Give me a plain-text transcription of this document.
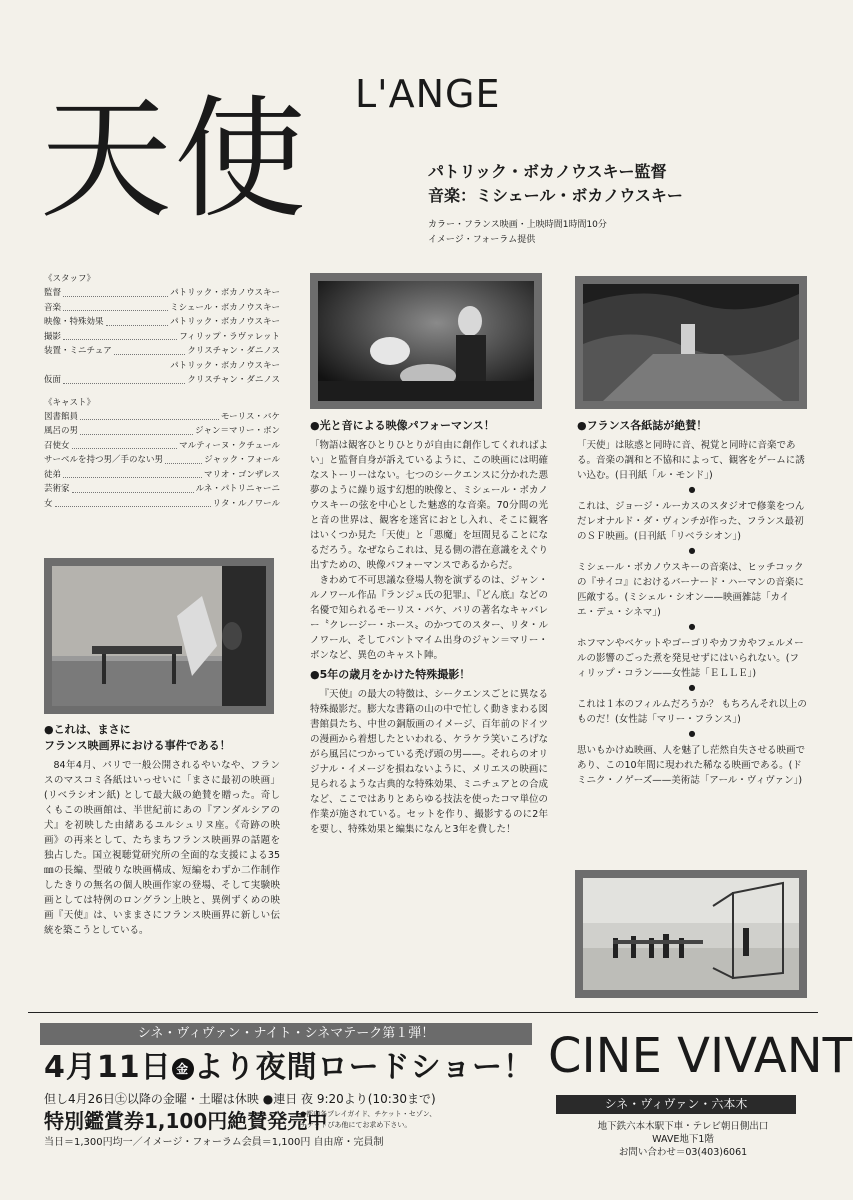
L'ANGE
天使	パトリック・ボカノウスキー監督
音楽：ミシェール・ボカノウスキー
カラー・フランス映画・上映時間1時間10分
イメージ・フォーラム提供
《スタッフ》
監督	パトリック・ボカノウスキー
音楽	ミシェール・ボカノウスキー
映像・特殊効果	パトリック・ボカノウスキー
撮影	フィリップ・ラヴァレット
装置・ミニチュア	クリスチャン・ダニノス
パトリック・ボカノウスキー
仮面	クリスチャン・ダニノス
《キャスト》
図書館員	モーリス・バケ
風呂の男	ジャン＝マリー・ボン
召使女	マルティーヌ・クチュール
サーベルを持つ男／手のない男	ジャック・フォール
徒弟	マリオ・ゴンザレス
芸術家	ルネ・パトリニャーニ
女	リタ・ルノワール
●これは、まさに
フランス映画界における事件である！

84年4月、パリで一般公開されるやいなや、フランスのマスコミ各紙はいっせいに「まさに最初の映画」(リベラシオン紙) として最大級の絶賛を贈った。奇しくもこの映画館は、半世紀前にあの『アンダルシアの犬』を初映した由緒あるユルシュリヌ座。《奇跡の映画》の再来として、たちまちフランス映画界の話題を独占した。国立視聴覚研究所の全面的な支援による35㎜の長編、型破りな映画構成、短編をわずか二作制作したきりの無名の個人映画作家の登場、そして実験映画としては特例のロングラン上映と、異例ずくめの映画『天使』は、いままさにフランス映画界に新しい伝統を築こうとしている。

●光と音による映像パフォーマンス！

「物語は観客ひとりひとりが自由に創作してくれればよい」と監督自身が訴えているように、この映画には明確なストーリーはない。七つのシークエンスに分かれた悪夢のように繰り返す幻想的映像と、ミシェール・ボカノウスキーの弦を中心とした魅惑的な音楽。70分間の光と音の世界は、観客を迷宮におとし入れ、そこに観客はいくつか見た「天使」と「悪魔」を垣間見ることになるだろう。なぜならこれは、見る側の潜在意識をえぐり出すための、映像パフォーマンスであるからだ。

きわめて不可思議な登場人物を演ずるのは、ジャン・ルノワール作品『ランジュ氏の犯罪』、『どん底』などの名優で知られるモーリス・バケ、パリの著名なキャバレー〝クレージー・ホース〟のかつてのスター、リタ・ルノワール、そしてパントマイム出身のジャン＝マリー・ボンなど、異色のキャスト陣。

●5年の歳月をかけた特殊撮影！

『天使』の最大の特徴は、シークエンスごとに異なる特殊撮影だ。膨大な書籍の山の中で忙しく動きまわる図書館員たち、中世の銅版画のイメージ、百年前のドイツの漫画から着想したといわれる、ケラケラ笑いころげながら風呂につかっている禿げ頭の男——。それらのオリジナル・イメージを損ねないように、メリエスの映画に見られるような古典的な特殊効果、ミニチュアとの合成など、ここではありとあらゆる技法を使ったコマ単位の作業が施されている。セットを作り、撮影するのに2年を要し、特殊効果と編集になんと3年を費した！

●フランス各紙誌が絶賛！

「天使」は眩惑と同時に音、視覚と同時に音楽である。音楽の調和と不協和によって、観客をゲームに誘い込む。(日刊紙「ル・モンド」)

●

これは、ジョージ・ルーカスのスタジオで修業をつんだレオナルド・ダ・ヴィンチが作った、フランス最初のＳＦ映画。(日刊紙「リベラシオン」)

●

ミシェール・ボカノウスキーの音楽は、ヒッチコックの『サイコ』におけるバーナード・ハーマンの音楽に匹敵する。(ミシェル・シオン——映画雑誌「カイエ・デュ・シネマ」)

●

ホフマンやベケットやゴーゴリやカフカやフェルメールの影響のごった煮を発見せずにはいられない。(フィリップ・コラン——女性誌「ＥＬＬＥ」)

●

これは１本のフィルムだろうか？ もちろんそれ以上のものだ！(女性誌「マリー・フランス」)

●

思いもかけぬ映画、人を魅了し茫然自失させる映画であり、この10年間に現われた稀なる映画である。(ドミニク・ノゲーズ——美術誌「アール・ヴィヴァン」)

シネ・ヴィヴァン・ナイト・シネマテーク第１弾！
4月11日 金 より夜間ロードショー！
但し4月26日㊏以降の金曜・土曜は休映 ●連日 夜 9:20より(10:30まで)
特別鑑賞券1,100円絶賛発売中
●都内各プレイガイド、チケット・セゾン、
チケットぴあ他にてお求め下さい。
当日＝1,300円均一／イメージ・フォーラム会員＝1,100円 自由席・完員制
CINE VIVANT
シネ・ヴィヴァン・六本木
地下鉄六本木駅下車・テレビ朝日側出口
WAVE地下1階
お問い合わせ＝03(403)6061
